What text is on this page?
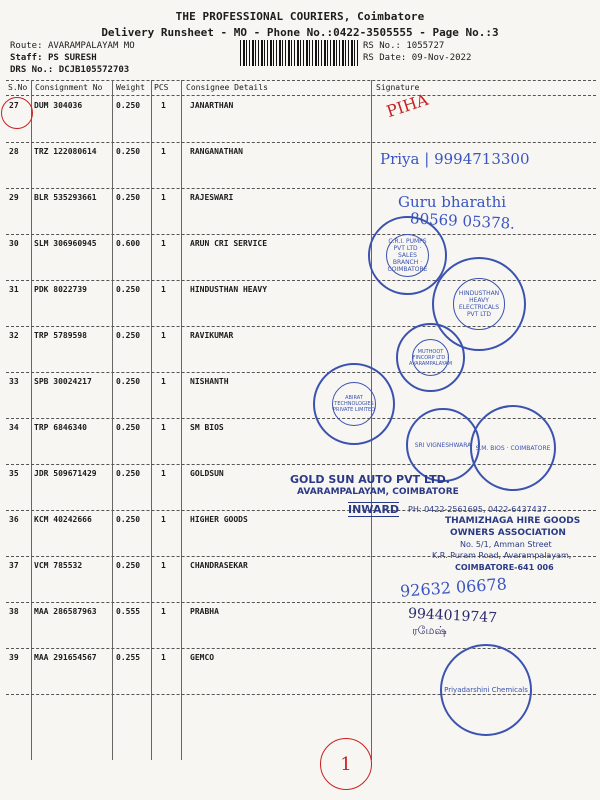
THE PROFESSIONAL COURIERS, Coimbatore
Delivery Runsheet - MO - Phone No.:0422-3505555 - Page No.:3
Route: AVARAMPALAYAM MO
Staff: PS SURESH
DRS No.: DCJB105572703
RS No.: 1055727
RS Date: 09-Nov-2022
S.No Consignment No Weight PCS Consignee Details	Signature
27 DUM 304036	0.250	1	JANARTHAN
28 TRZ 122080614 0.250	1	RANGANATHAN
29 BLR 535293661 0.250	1	RAJESWARI
30 SLM 306960945 0.600	1	ARUN CRI SERVICE
31 PDK 8022739	0.250	1	HINDUSTHAN HEAVY
32 TRP 5789598	0.250	1	RAVIKUMAR
33 SPB 30024217	0.250	1	NISHANTH
34 TRP 6846340	0.250	1	SM BIOS
35 JDR 509671429 0.250	1	GOLDSUN
36 KCM 40242666	0.250	1	HIGHER GOODS
37 VCM 785532	0.250	1	CHANDRASEKAR
38 MAA 286587963 0.555	1	PRABHA
39 MAA 291654567 0.255	1	GEMCO
PIHA
Priya | 9994713300
Guru bharathi
80569 05378.
C.R.I. PUMPS PVT LTD · SALES BRANCH · COIMBATORE
HINDUSTHAN HEAVY ELECTRICALS PVT LTD
MUTHOOT FINCORP LTD · AVARAMPALAYAM
ABIRAT TECHNOLOGIES PRIVATE LIMITED
SRI VIGNESHWARA S.M. BIOS · COIMBATORE
GOLD SUN AUTO PVT LTD.
AVARAMPALAYAM, COIMBATORE
INWARD PH: 0422-2561695, 0422-6437437
THAMIZHAGA HIRE GOODS
OWNERS ASSOCIATION
No. 5/1, Amman Street
K.R. Puram Road, Avarampalayam,
COIMBATORE-641 006
92632 06678
9944019747
ரமேஷ்
Priyadarshini Chemicals
1
